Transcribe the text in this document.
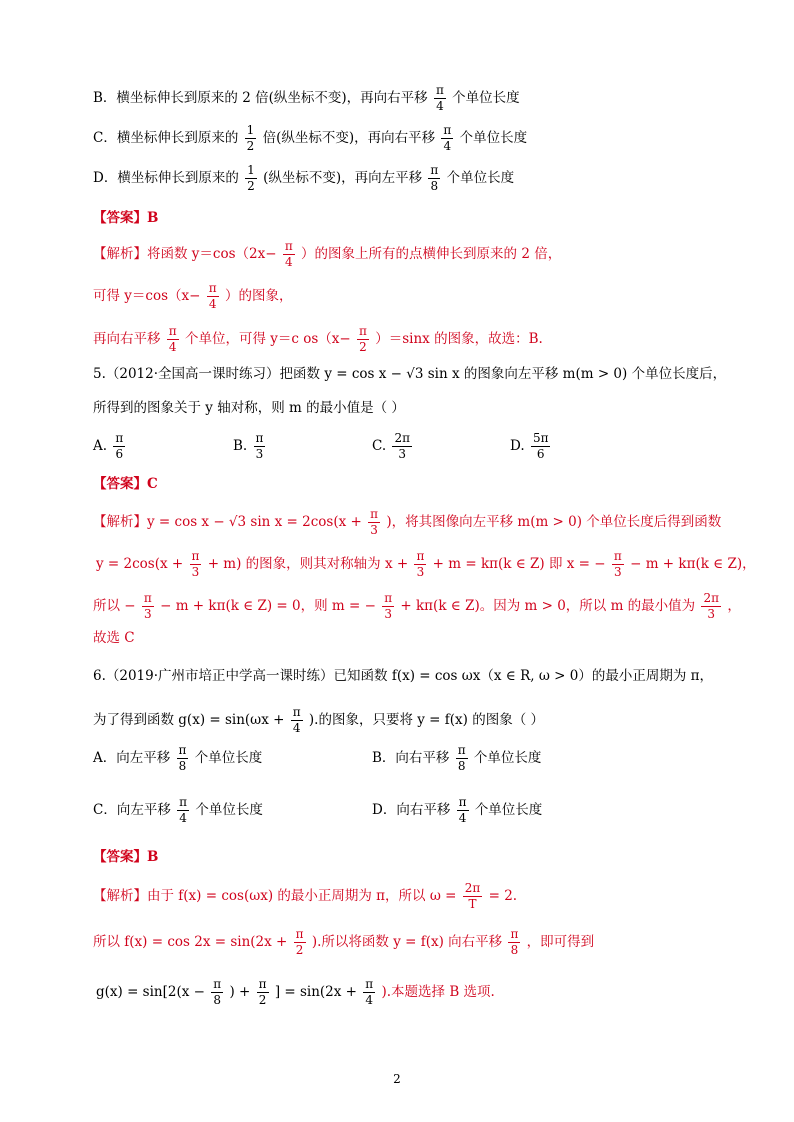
B．横坐标伸长到原来的 2 倍(纵坐标不变)，再向右平移 $\frac{\pi}{4}$ 个单位长度
C．横坐标伸长到原来的 $\frac{1}{2}$ 倍(纵坐标不变)，再向右平移 $\frac{\pi}{4}$ 个单位长度
D．横坐标伸长到原来的 $\frac{1}{2}$ (纵坐标不变)，再向左平移 $\frac{\pi}{8}$ 个单位长度
【答案】B
【解析】将函数 $y=\cos(2x- \frac{\pi}{4}$ ）的图象上所有的点横伸长到原来的 2 倍，
可得 $y=\cos(x- \frac{\pi}{4}$ ）的图象，
再向右平移 $\frac{\pi}{4}$ 个单位，可得 y＝c $os(x- \frac{\pi}{2} )=\sin x$ 的图象，故选：B.
5.（2012·全国高一课时练习）把函数 y = cos x − √3 sin x 的图象向左平移 m(m > 0) 个单位长度后，
所得到的图象关于 y 轴对称，则 m 的最小值是（ ）
A. $\frac{\pi}{6}$	B. $\frac{\pi}{3}$	C. $\frac{2\pi}{3}$	D. $\frac{5\pi}{6}$
【答案】C
【解析】y = cos x − √3 $\sin x = 2\cos(x + \frac{\pi}{3}$ )，将其图像向左平移 m(m > 0) 个单位长度后得到函数
$y = 2\cos(x + \frac{\pi}{3} + m)$ 的图象，则其对称轴为 $x + \frac{\pi}{3} + m = k\pi(k$ ∈ Z) 即 x = − $\frac{\pi}{3} - m + k\pi(k$ ∈ Z)，
所以 − $\frac{\pi}{3} - m + k\pi(k$ ∈ Z) = 0，则 m = − $\frac{\pi}{3} + k\pi(k$ ∈ Z)。因为 m > 0，所以 m 的最小值为 $\frac{2\pi}{3}$ ，
故选 C
6.（2019·广州市培正中学高一课时练）已知函数 f(x) = cos ωx（x ∈ R, ω > 0）的最小正周期为 π，
为了得到函数 $g(x) = \sin(\omega x + \frac{\pi}{4}$ ).的图象，只要将 y = f(x) 的图象（ ）
A．向左平移 $\frac{\pi}{8}$ 个单位长度	B．向右平移 $\frac{\pi}{8}$ 个单位长度
C．向左平移 $\frac{\pi}{4}$ 个单位长度	D．向右平移 $\frac{\pi}{4}$ 个单位长度
【答案】B
【解析】由于 f(x) = cos(ωx) 的最小正周期为 π，所以 $\omega = \frac{2\pi}{T} = 2$.
所以 $f(x) = \cos 2x = \sin(2x + \frac{\pi}{2}$ ).所以将函数 y = f(x) 向右平移 $\frac{\pi}{8}$ ，即可得到
$g(x) = \sin[2(x - \frac{\pi}{8}$ ) + $\frac{\pi}{2}$ ] = $\sin(2x + \frac{\pi}{4}$ ).本题选择 B 选项.
2
